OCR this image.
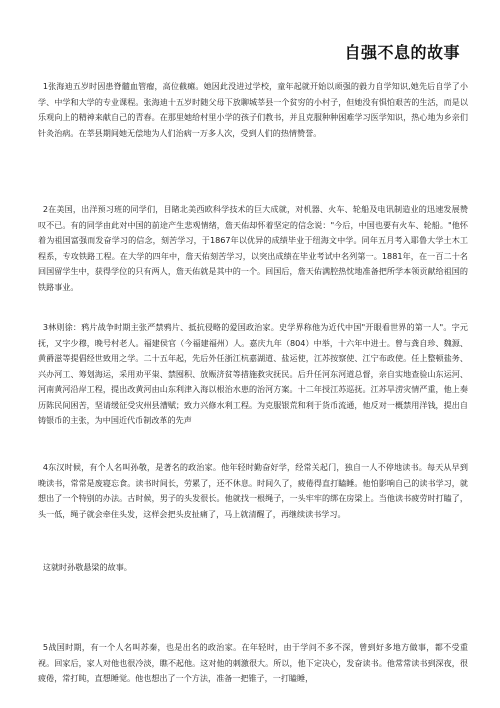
自强不息的故事
1张海迪五岁时因患脊髓血管瘤，高位截瘫。她因此没进过学校，童年起就开始以顽强的毅力自学知识,她先后自学了小学、中学和大学的专业课程。张海迪十五岁时随父母下放聊城莘县一个贫穷的小村子，但她没有惧怕艰苦的生活，而是以乐观向上的精神来献自己的青春。在那里她给村里小学的孩子们教书，并且克服种种困难学习医学知识，热心地为乡亲们针灸治病。在莘县期间她无偿地为人们治病一万多人次，受到人们的热情赞誉。
2在美国，出洋预习班的同学们，目睹北美西欧科学技术的巨大成就，对机器、火车、轮船及电讯制造业的迅速发展赞叹不已。有的同学由此对中国的前途产生悲观情绪，詹天佑却怀着坚定的信念说："今后，中国也要有火车、轮船。"他怀着为祖国富强而发奋学习的信念，刻苦学习，于1867年以优异的成绩毕业于纽海文中学。同年五月考入耶鲁大学土木工程系，专攻铁路工程。在大学的四年中，詹天佑刻苦学习，以突出成绩在毕业考试中名列第一。1881年，在一百二十名回国留学生中，获得学位的只有两人，詹天佑就是其中的一个。回国后，詹天佑满腔热忱地准备把所学本领贡献给祖国的铁路事业。
3林则徐：鸦片战争时期主张严禁鸦片、抵抗侵略的爱国政治家。史学界称他为近代中国"开眼看世界的第一人"。字元抚，又字少穆，晚号村老人。福建侯官（今福建福州）人。嘉庆九年（804）中举，十六年中进士。曾与龚自珍、魏源、黄爵滋等提倡经世致用之学。二十五年起，先后外任浙江杭嘉湖道、盐运使，江苏按察使、江宁布政使。任上整顿盐务、兴办河工、筹划海运，采用劝平粜、禁囤积、放赈济贫等措施救灾抚民。后升任河东河道总督，亲自实地查验山东运河、河南黄河沿岸工程，提出改黄河由山东利津入海以根治水患的治河方案。十二年授江苏巡抚。江苏旱涝灾情严重，他上奏历陈民间困苦，坚请缓征受灾州县漕赋；致力兴修水利工程。为克服银荒和利于货币流通，他反对一概禁用洋钱，提出自铸银币的主张，为中国近代币制改革的先声
4东汉时候，有个人名叫孙敬，是著名的政治家。他年轻时勤奋好学，经常关起门，独自一人不停地读书。每天从早到晚读书，常常是废寝忘食。读书时间长，劳累了，还不休息。时间久了，疲倦得直打瞌睡。他怕影响自己的读书学习，就想出了一个特别的办法。古时候，男子的头发很长。他就找一根绳子，一头牢牢的绑在房梁上。当他读书疲劳时打瞌了，头一低，绳子就会牵住头发，这样会把头皮扯痛了，马上就清醒了，再继续读书学习。
这就时孙敬悬梁的故事。
5战国时期，有一个人名叫苏秦，也是出名的政治家。在年轻时，由于学问不多不深，曾到好多地方做事，都不受重视。回家后，家人对他也很冷淡，瞧不起他。这对他的刺激很大。所以，他下定决心，发奋读书。他常常读书到深夜，很疲倦，常打盹，直想睡觉。他也想出了一个方法，准备一把锥子，一打瞌睡，
